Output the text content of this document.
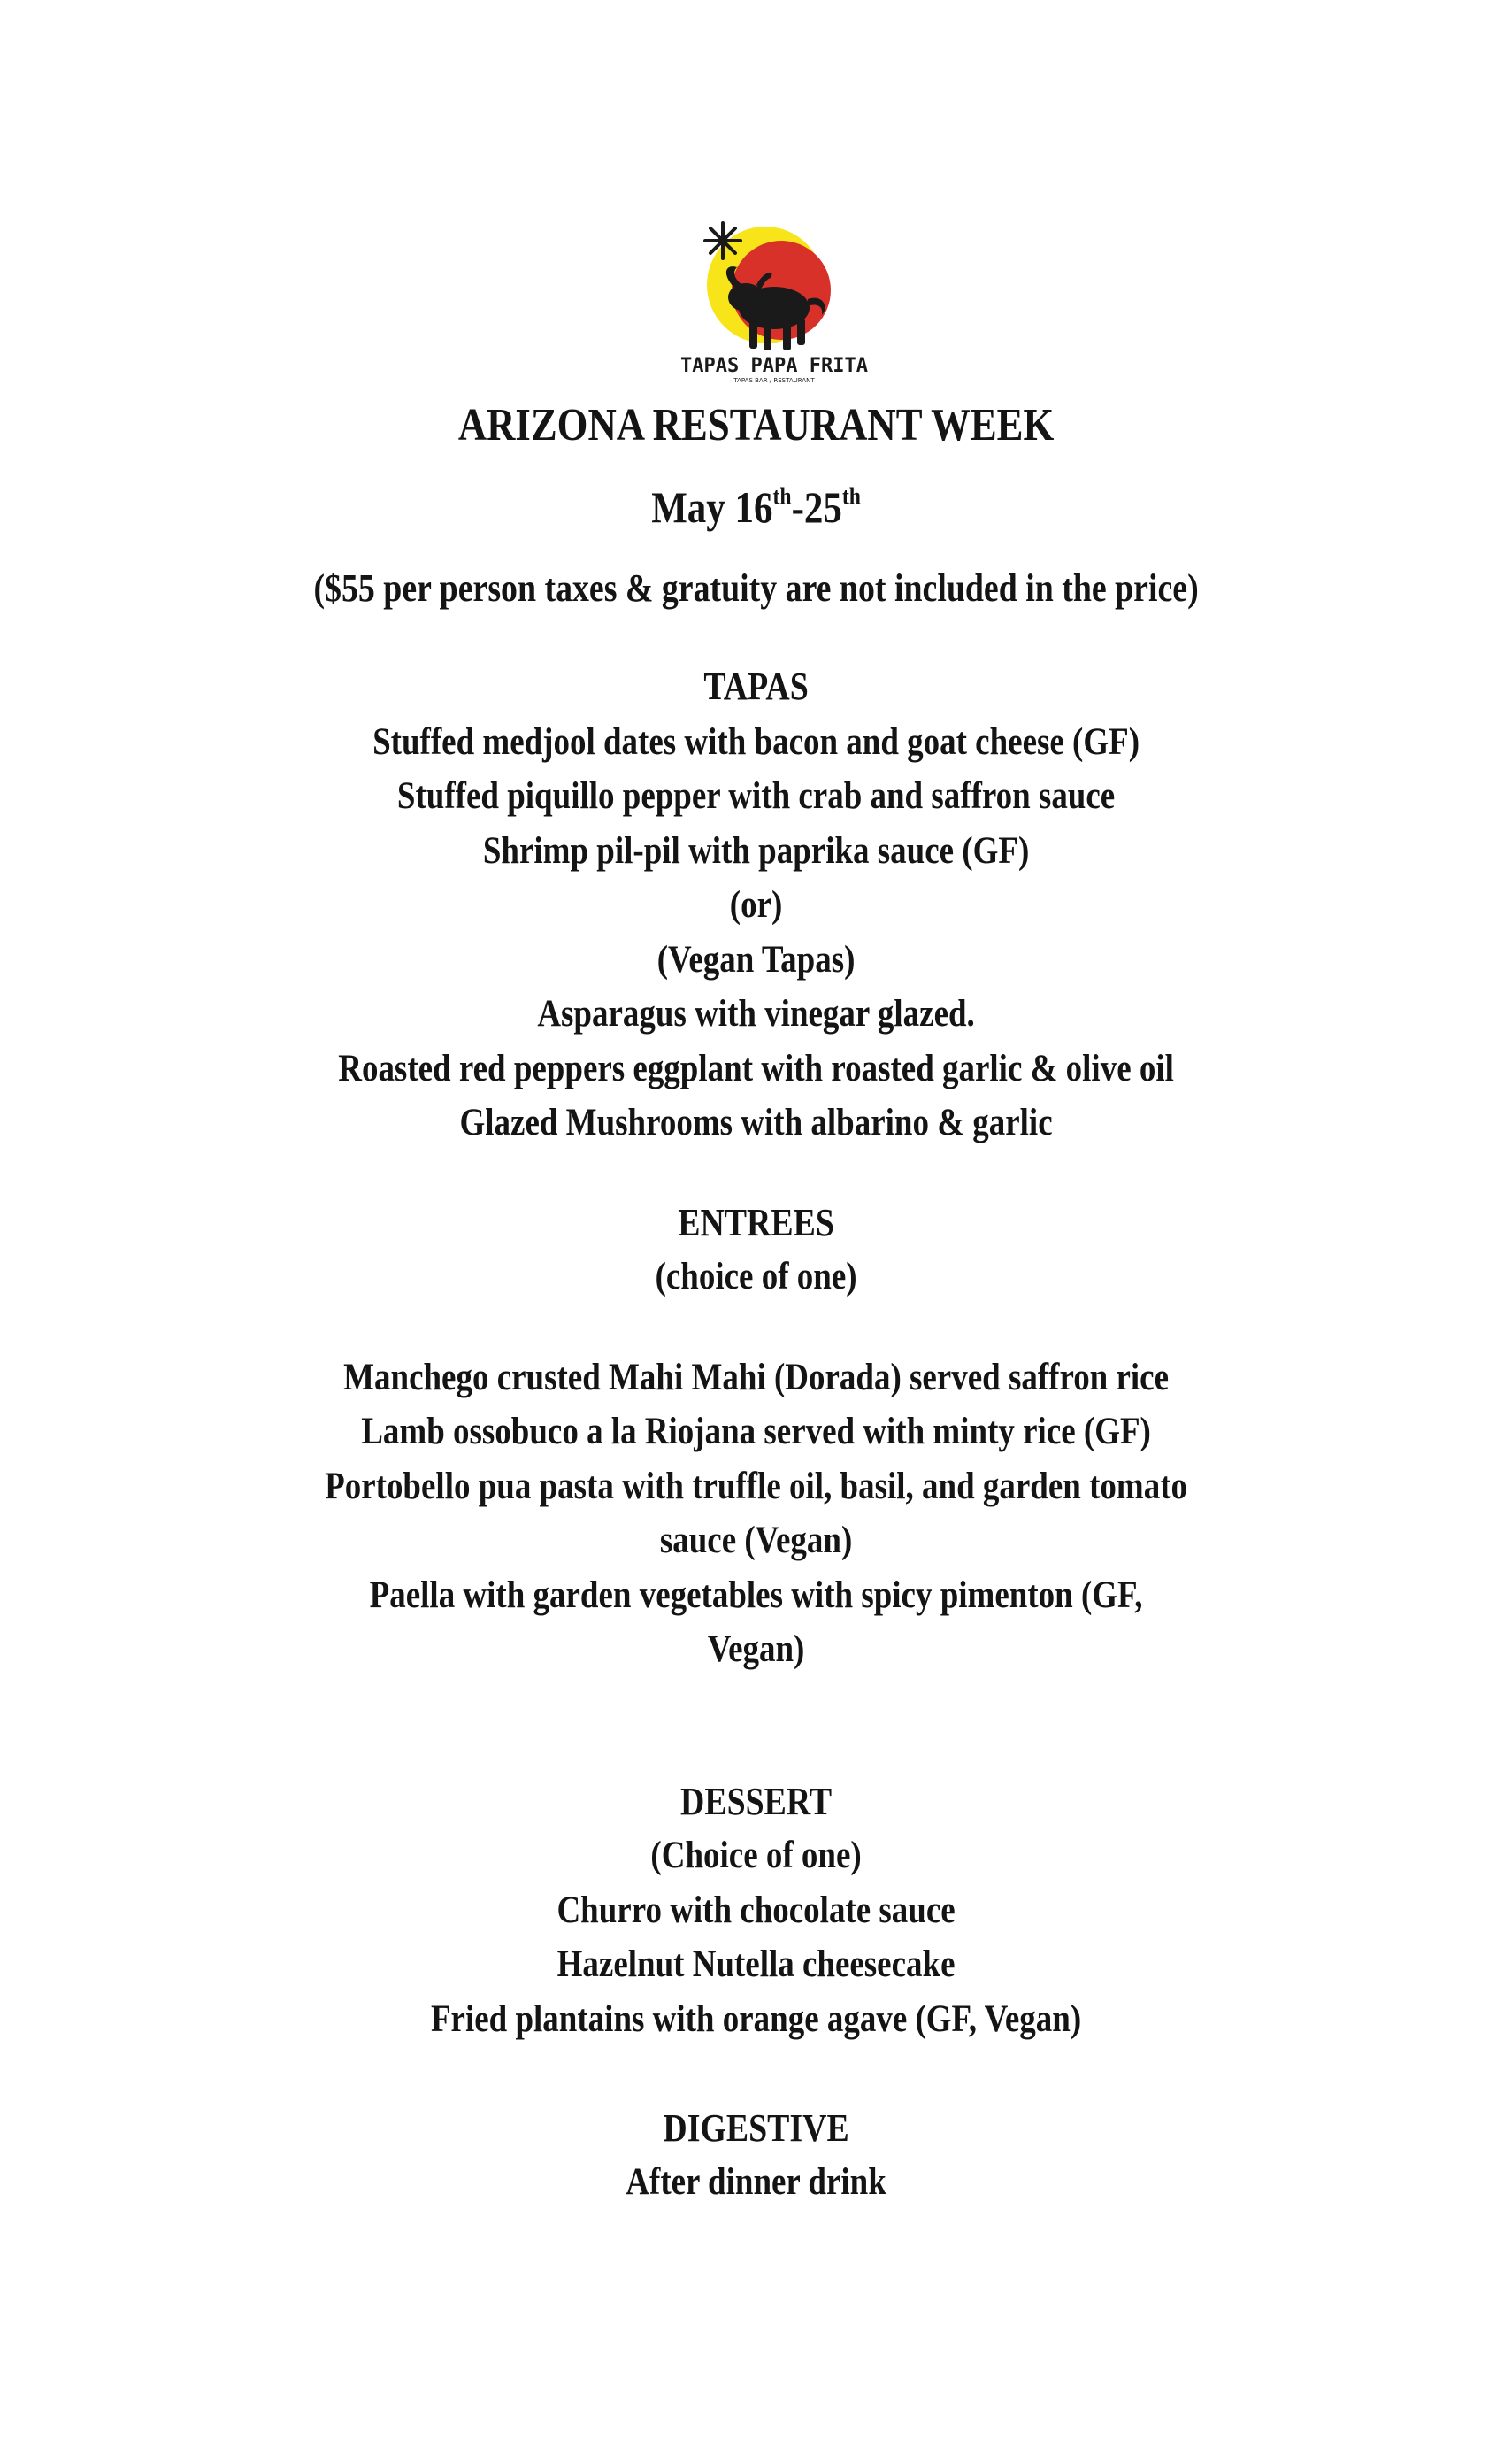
TAPAS PAPA FRITA
TAPAS BAR / RESTAURANT
ARIZONA RESTAURANT WEEK
May 16th-25th
($55 per person taxes & gratuity are not included in the price)
TAPAS
Stuffed medjool dates with bacon and goat cheese (GF)
Stuffed piquillo pepper with crab and saffron sauce
Shrimp pil-pil with paprika sauce (GF)
(or)
(Vegan Tapas)
Asparagus with vinegar glazed.
Roasted red peppers eggplant with roasted garlic & olive oil
Glazed Mushrooms with albarino & garlic
ENTREES
(choice of one)
Manchego crusted Mahi Mahi (Dorada) served saffron rice
Lamb ossobuco a la Riojana served with minty rice (GF)
Portobello pua pasta with truffle oil, basil, and garden tomato
sauce (Vegan)
Paella with garden vegetables with spicy pimenton (GF,
Vegan)
DESSERT
(Choice of one)
Churro with chocolate sauce
Hazelnut Nutella cheesecake
Fried plantains with orange agave (GF, Vegan)
DIGESTIVE
After dinner drink
